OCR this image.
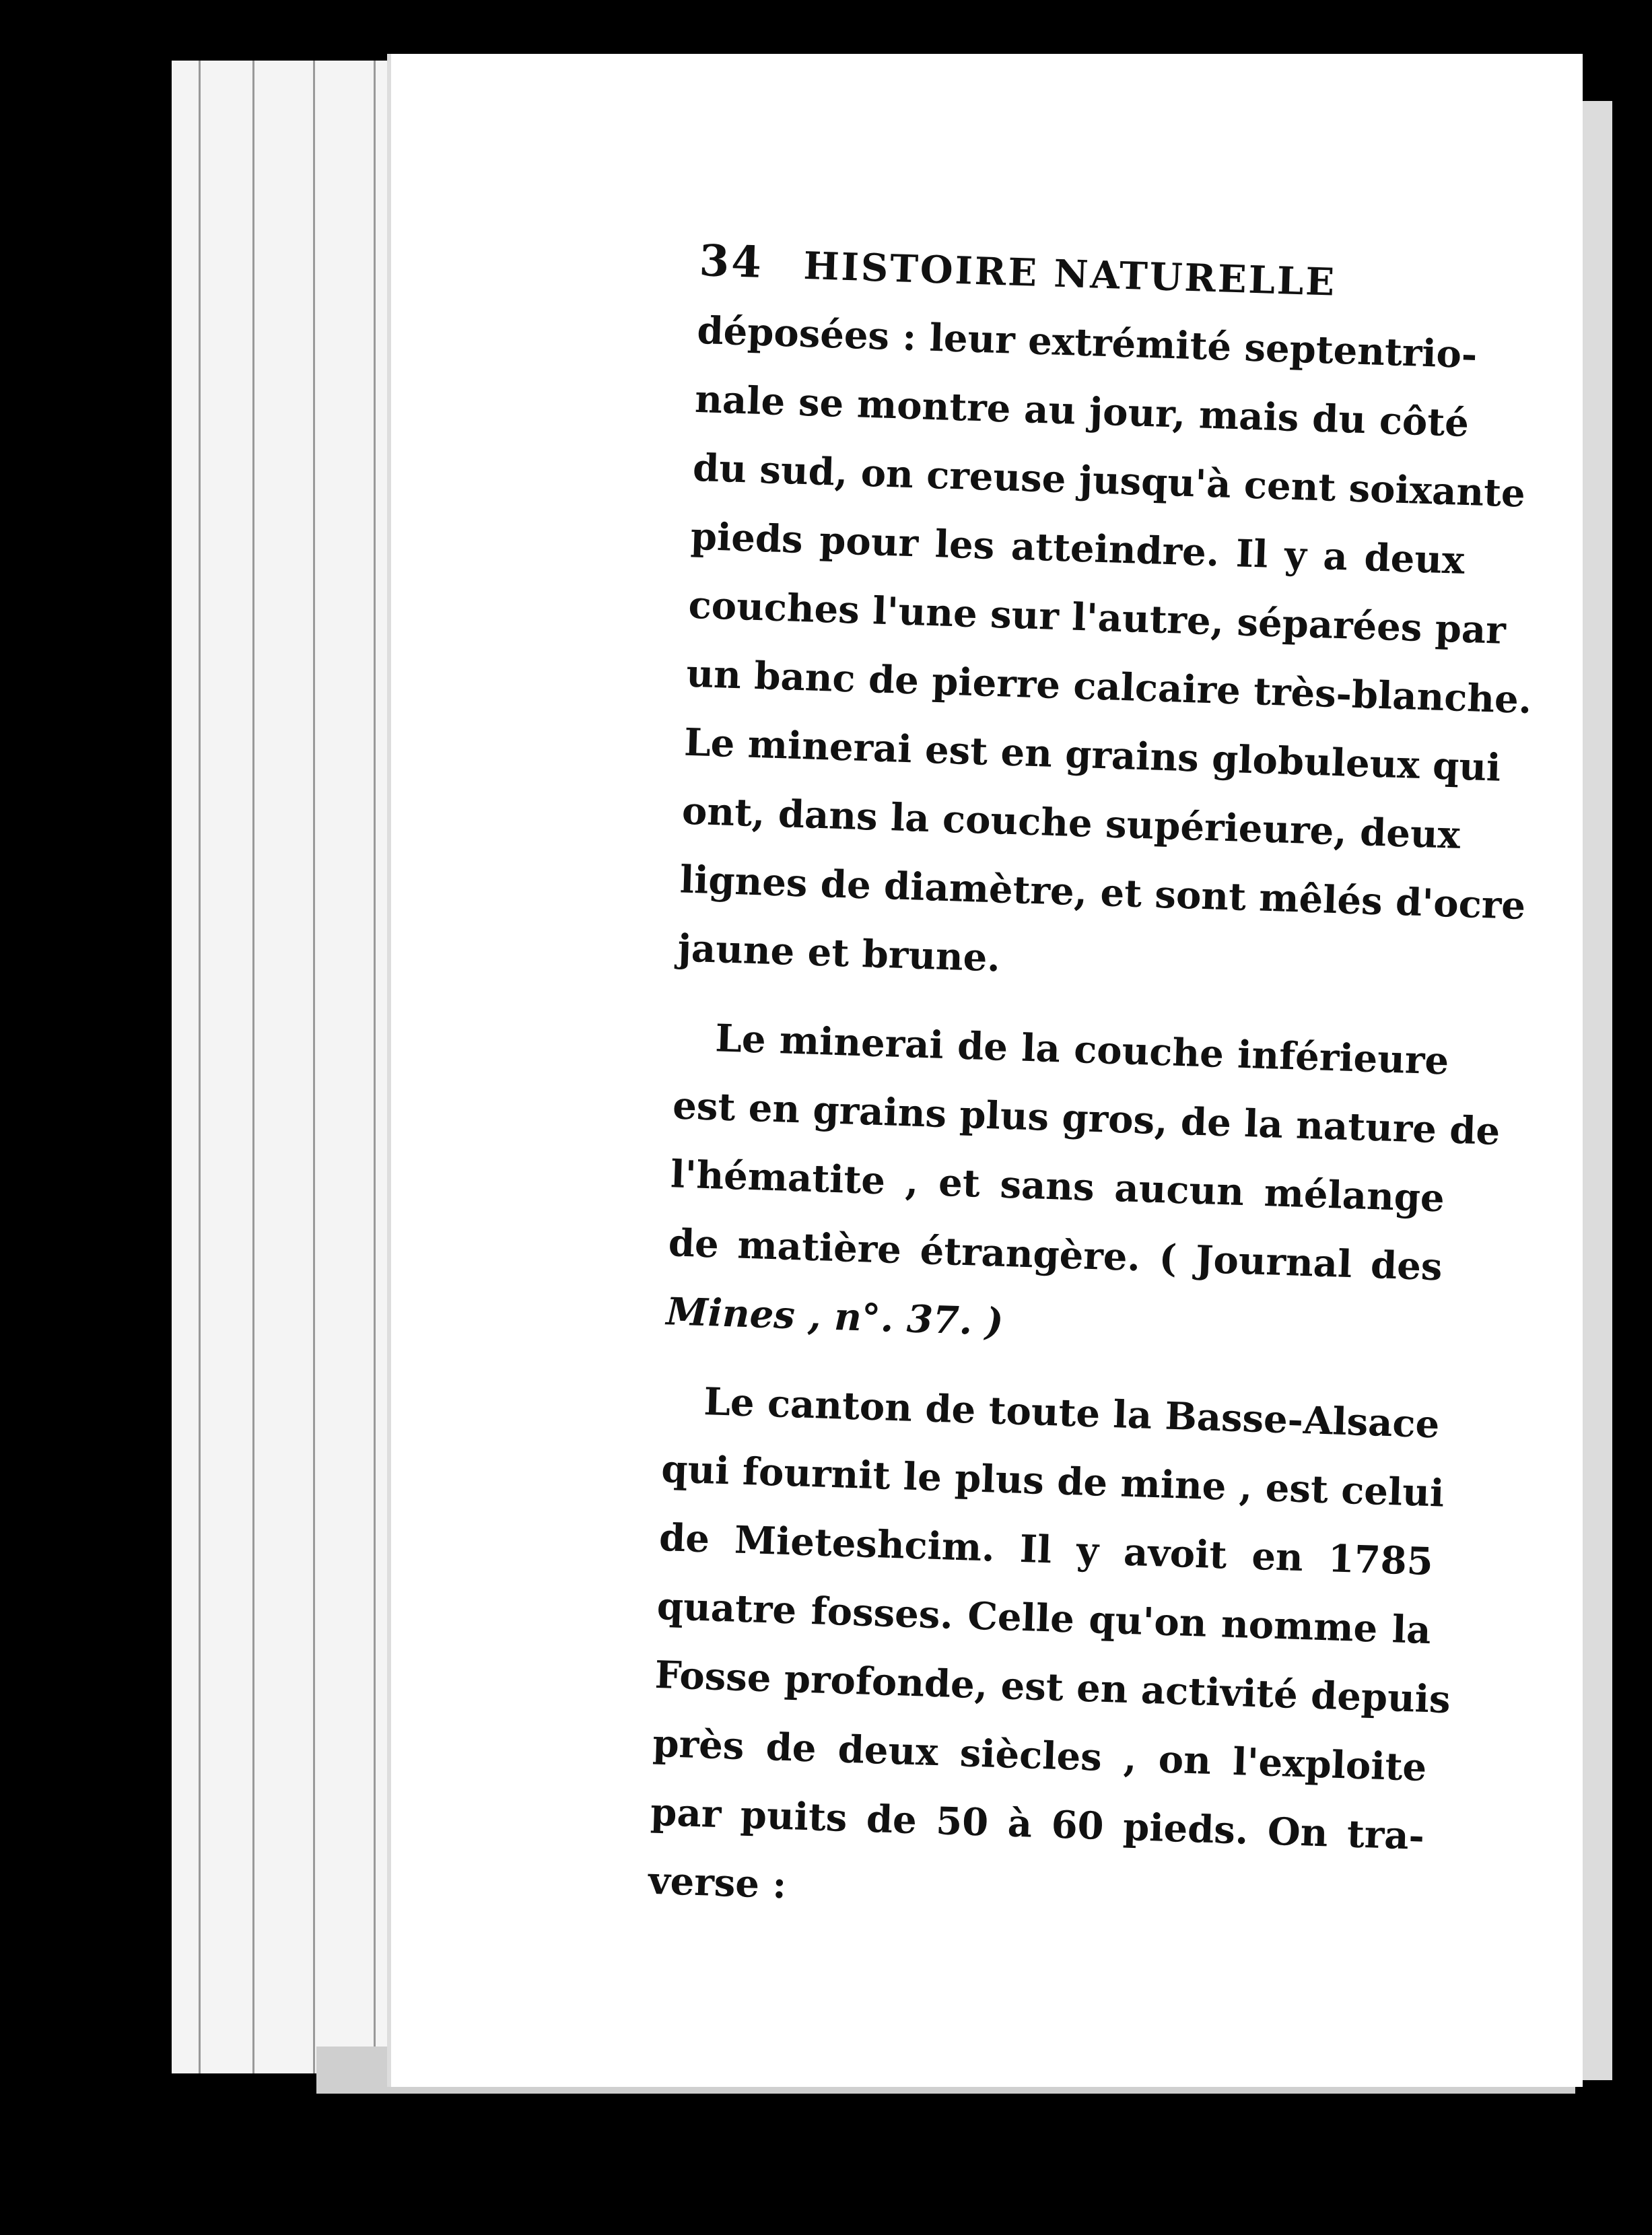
34 HISTOIRE NATURELLE
déposées : leur extrémité septentrio-
nale se montre au jour, mais du côté
du sud, on creuse jusqu'à cent soixante
pieds pour les atteindre. Il y a deux
couches l'une sur l'autre, séparées par
un banc de pierre calcaire très-blanche.
Le minerai est en grains globuleux qui
ont, dans la couche supérieure, deux
lignes de diamètre, et sont mêlés d'ocre
jaune et brune.
Le minerai de la couche inférieure
est en grains plus gros, de la nature de
l'hématite , et sans aucun mélange
de matière étrangère. ( Journal des
Mines , n°. 37. )
Le canton de toute la Basse-Alsace
qui fournit le plus de mine , est celui
de Mieteshcim. Il y avoit en 1785
quatre fosses. Celle qu'on nomme la
Fosse profonde, est en activité depuis
près de deux siècles , on l'exploite
par puits de 50 à 60 pieds. On tra-
verse :
